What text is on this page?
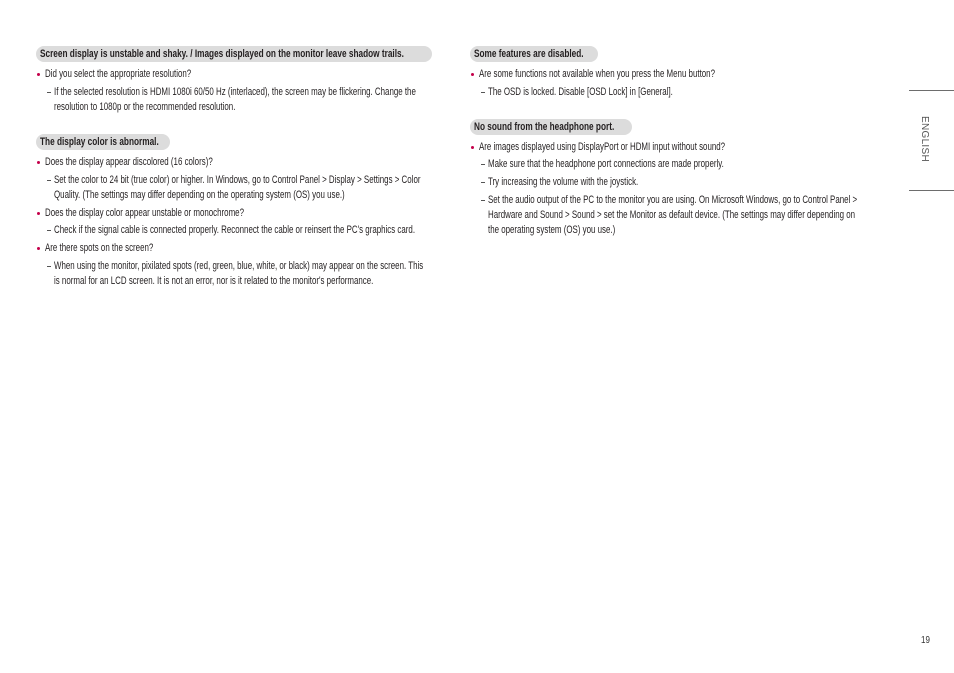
Screen display is unstable and shaky. / Images displayed on the monitor leave shadow trails.
Did you select the appropriate resolution?
If the selected resolution is HDMI 1080i 60/50 Hz (interlaced), the screen may be flickering. Change the
resolution to 1080p or the recommended resolution.
The display color is abnormal.
Does the display appear discolored (16 colors)?
Set the color to 24 bit (true color) or higher. In Windows, go to Control Panel > Display > Settings > Color
Quality. (The settings may differ depending on the operating system (OS) you use.)
Does the display color appear unstable or monochrome?
Check if the signal cable is connected properly. Reconnect the cable or reinsert the PC's graphics card.
Are there spots on the screen?
When using the monitor, pixilated spots (red, green, blue, white, or black) may appear on the screen. This
is normal for an LCD screen. It is not an error, nor is it related to the monitor's performance.
Some features are disabled.
Are some functions not available when you press the Menu button?
The OSD is locked. Disable [OSD Lock] in [General].
No sound from the headphone port.
Are images displayed using DisplayPort or HDMI input without sound?
Make sure that the headphone port connections are made properly.
Try increasing the volume with the joystick.
Set the audio output of the PC to the monitor you are using. On Microsoft Windows, go to Control Panel >
Hardware and Sound > Sound > set the Monitor as default device. (The settings may differ depending on
the operating system (OS) you use.)
ENGLISH
19
